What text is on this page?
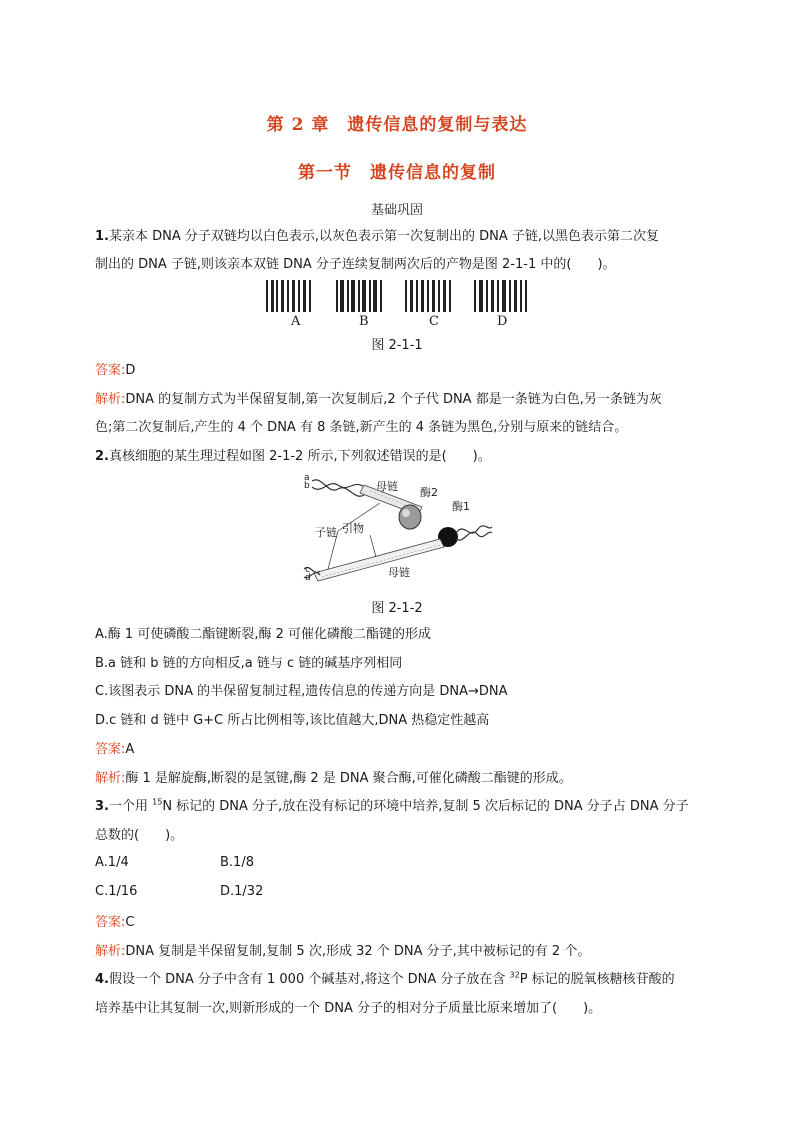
第 2 章　遗传信息的复制与表达
第一节　遗传信息的复制
基础巩固
1.某亲本 DNA 分子双链均以白色表示,以灰色表示第一次复制出的 DNA 子链,以黑色表示第二次复
制出的 DNA 子链,则该亲本双链 DNA 分子连续复制两次后的产物是图 2-1-1 中的(　　)。
A	B	C	D
图 2-1-1
答案:D
解析:DNA 的复制方式为半保留复制,第一次复制后,2 个子代 DNA 都是一条链为白色,另一条链为灰
色;第二次复制后,产生的 4 个 DNA 有 8 条链,新产生的 4 条链为黑色,分别与原来的链结合。
2.真核细胞的某生理过程如图 2-1-2 所示,下列叙述错误的是(　　)。
a
b	母链 酶2
酶1
子链 引物
c
d	母链
图 2-1-2
A.酶 1 可使磷酸二酯键断裂,酶 2 可催化磷酸二酯键的形成
B.a 链和 b 链的方向相反,a 链与 c 链的碱基序列相同
C.该图表示 DNA 的半保留复制过程,遗传信息的传递方向是 DNA→DNA
D.c 链和 d 链中 G+C 所占比例相等,该比值越大,DNA 热稳定性越高
答案:A
解析:酶 1 是解旋酶,断裂的是氢键,酶 2 是 DNA 聚合酶,可催化磷酸二酯键的形成。
3.一个用 $^{15}$N 标记的 DNA 分子,放在没有标记的环境中培养,复制 5 次后标记的 DNA 分子占 DNA 分子
总数的(　　)。
A.1/4	B.1/8
C.1/16	D.1/32
答案:C
解析:DNA 复制是半保留复制,复制 5 次,形成 32 个 DNA 分子,其中被标记的有 2 个。
4.假设一个 DNA 分子中含有 1 000 个碱基对,将这个 DNA 分子放在含 $^{32}$P 标记的脱氧核糖核苷酸的
培养基中让其复制一次,则新形成的一个 DNA 分子的相对分子质量比原来增加了(　　)。
